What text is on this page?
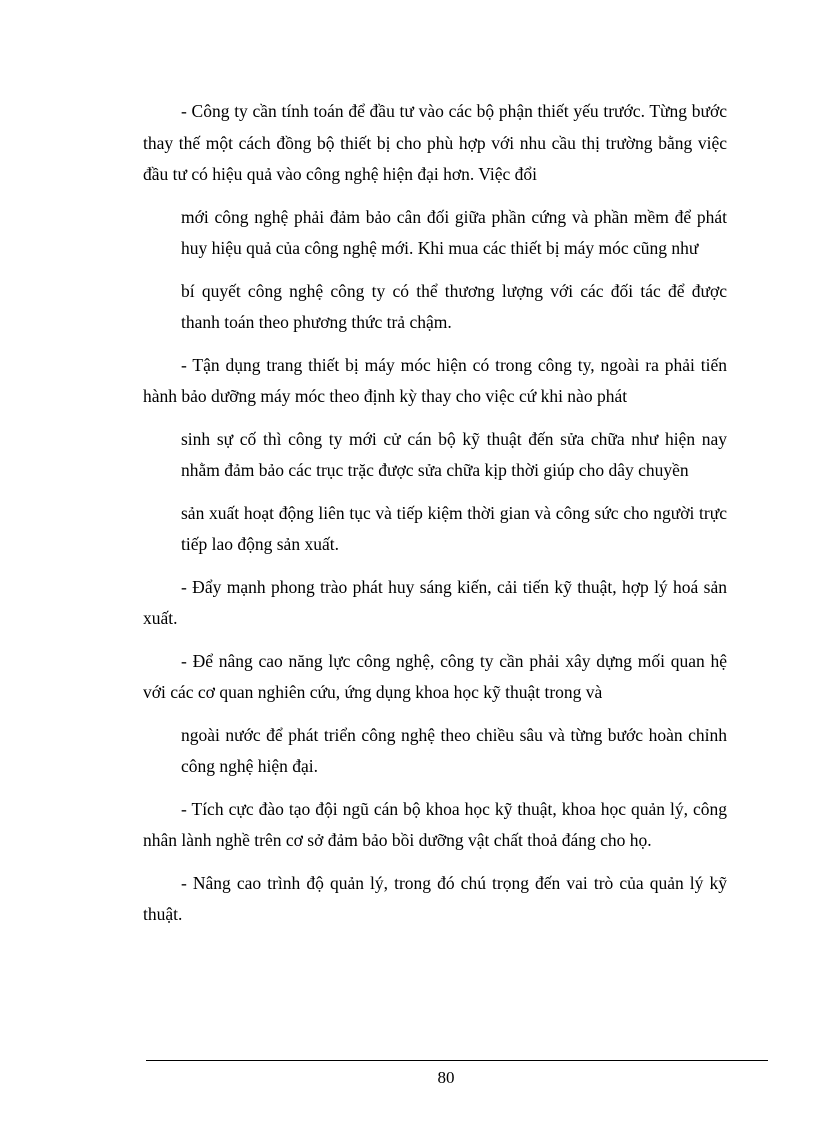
- Công ty cần tính toán để đầu tư vào các bộ phận thiết yếu trước. Từng bước thay thế một cách đồng bộ thiết bị cho phù hợp với nhu cầu thị trường bằng việc đầu tư có hiệu quả vào công nghệ hiện đại hơn. Việc đổi

mới công nghệ phải đảm bảo cân đối giữa phần cứng và phần mềm để phát huy hiệu quả của công nghệ mới. Khi mua các thiết bị máy móc cũng như

bí quyết công nghệ công ty có thể thương lượng với các đối tác để được thanh toán theo phương thức trả chậm.

- Tận dụng trang thiết bị máy móc hiện có trong công ty, ngoài ra phải tiến hành bảo dưỡng máy móc theo định kỳ thay cho việc cứ khi nào phát

sinh sự cố thì công ty mới cử cán bộ kỹ thuật đến sửa chữa như hiện nay nhằm đảm bảo các trục trặc được sửa chữa kịp thời giúp cho dây chuyền

sản xuất hoạt động liên tục và tiếp kiệm thời gian và công sức cho người trực tiếp lao động sản xuất.

- Đẩy mạnh phong trào phát huy sáng kiến, cải tiến kỹ thuật, hợp lý hoá sản xuất.

- Để nâng cao năng lực công nghệ, công ty cần phải xây dựng mối quan hệ với các cơ quan nghiên cứu, ứng dụng khoa học kỹ thuật trong và

ngoài nước để phát triển công nghệ theo chiều sâu và từng bước hoàn chỉnh công nghệ hiện đại.

- Tích cực đào tạo đội ngũ cán bộ khoa học kỹ thuật, khoa học quản lý, công nhân lành nghề trên cơ sở đảm bảo bồi dưỡng vật chất thoả đáng cho họ.

- Nâng cao trình độ quản lý, trong đó chú trọng đến vai trò của quản lý kỹ thuật.

80
